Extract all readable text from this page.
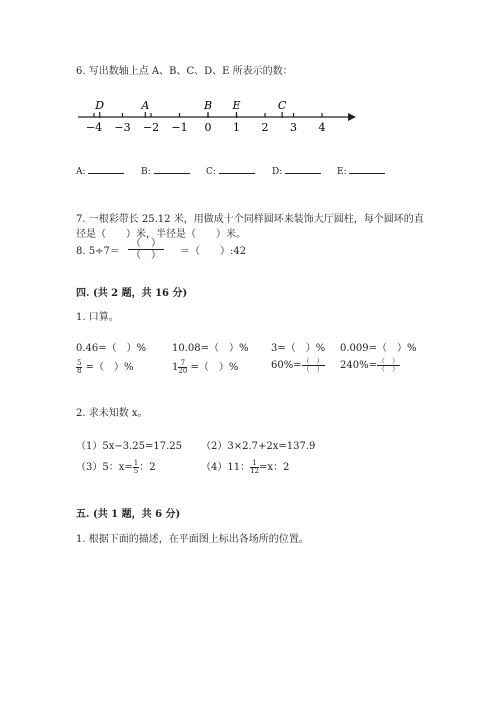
6. 写出数轴上点 A、B、C、D、E 所表示的数：
−4 −3 −2 −1 0 1 2 3 4
D	A	B E	C
A:	B:	C:	D:	E:
7. 一根彩带长 25.12 米，用做成十个同样圆环来装饰大厅圆柱，每个圆环的直
径是（　　）米，半径是（　　）米。
8. 5÷7＝
（　）
（　）	＝（　　）:42
四. (共 2 题，共 16 分)
1. 口算。
0.46=（　）%	10.08=（　）% 3=（　）% 0.009=（　）%
$\frac{5}{8}$ =（　）%	$1 \frac{7}{20}$ =（　）%	$60\%= \frac{( )}{( )} 240\%= \frac{( )}{( )}$
2. 求未知数 x。
（1）5x−3.25=17.25 （2）3×2.7+2x=137.9
（3）5：$x= \frac{1}{5}$ ：2	（4）11： $\frac{1}{12} =x$：2
五. (共 1 题，共 6 分)
1. 根据下面的描述，在平面图上标出各场所的位置。
